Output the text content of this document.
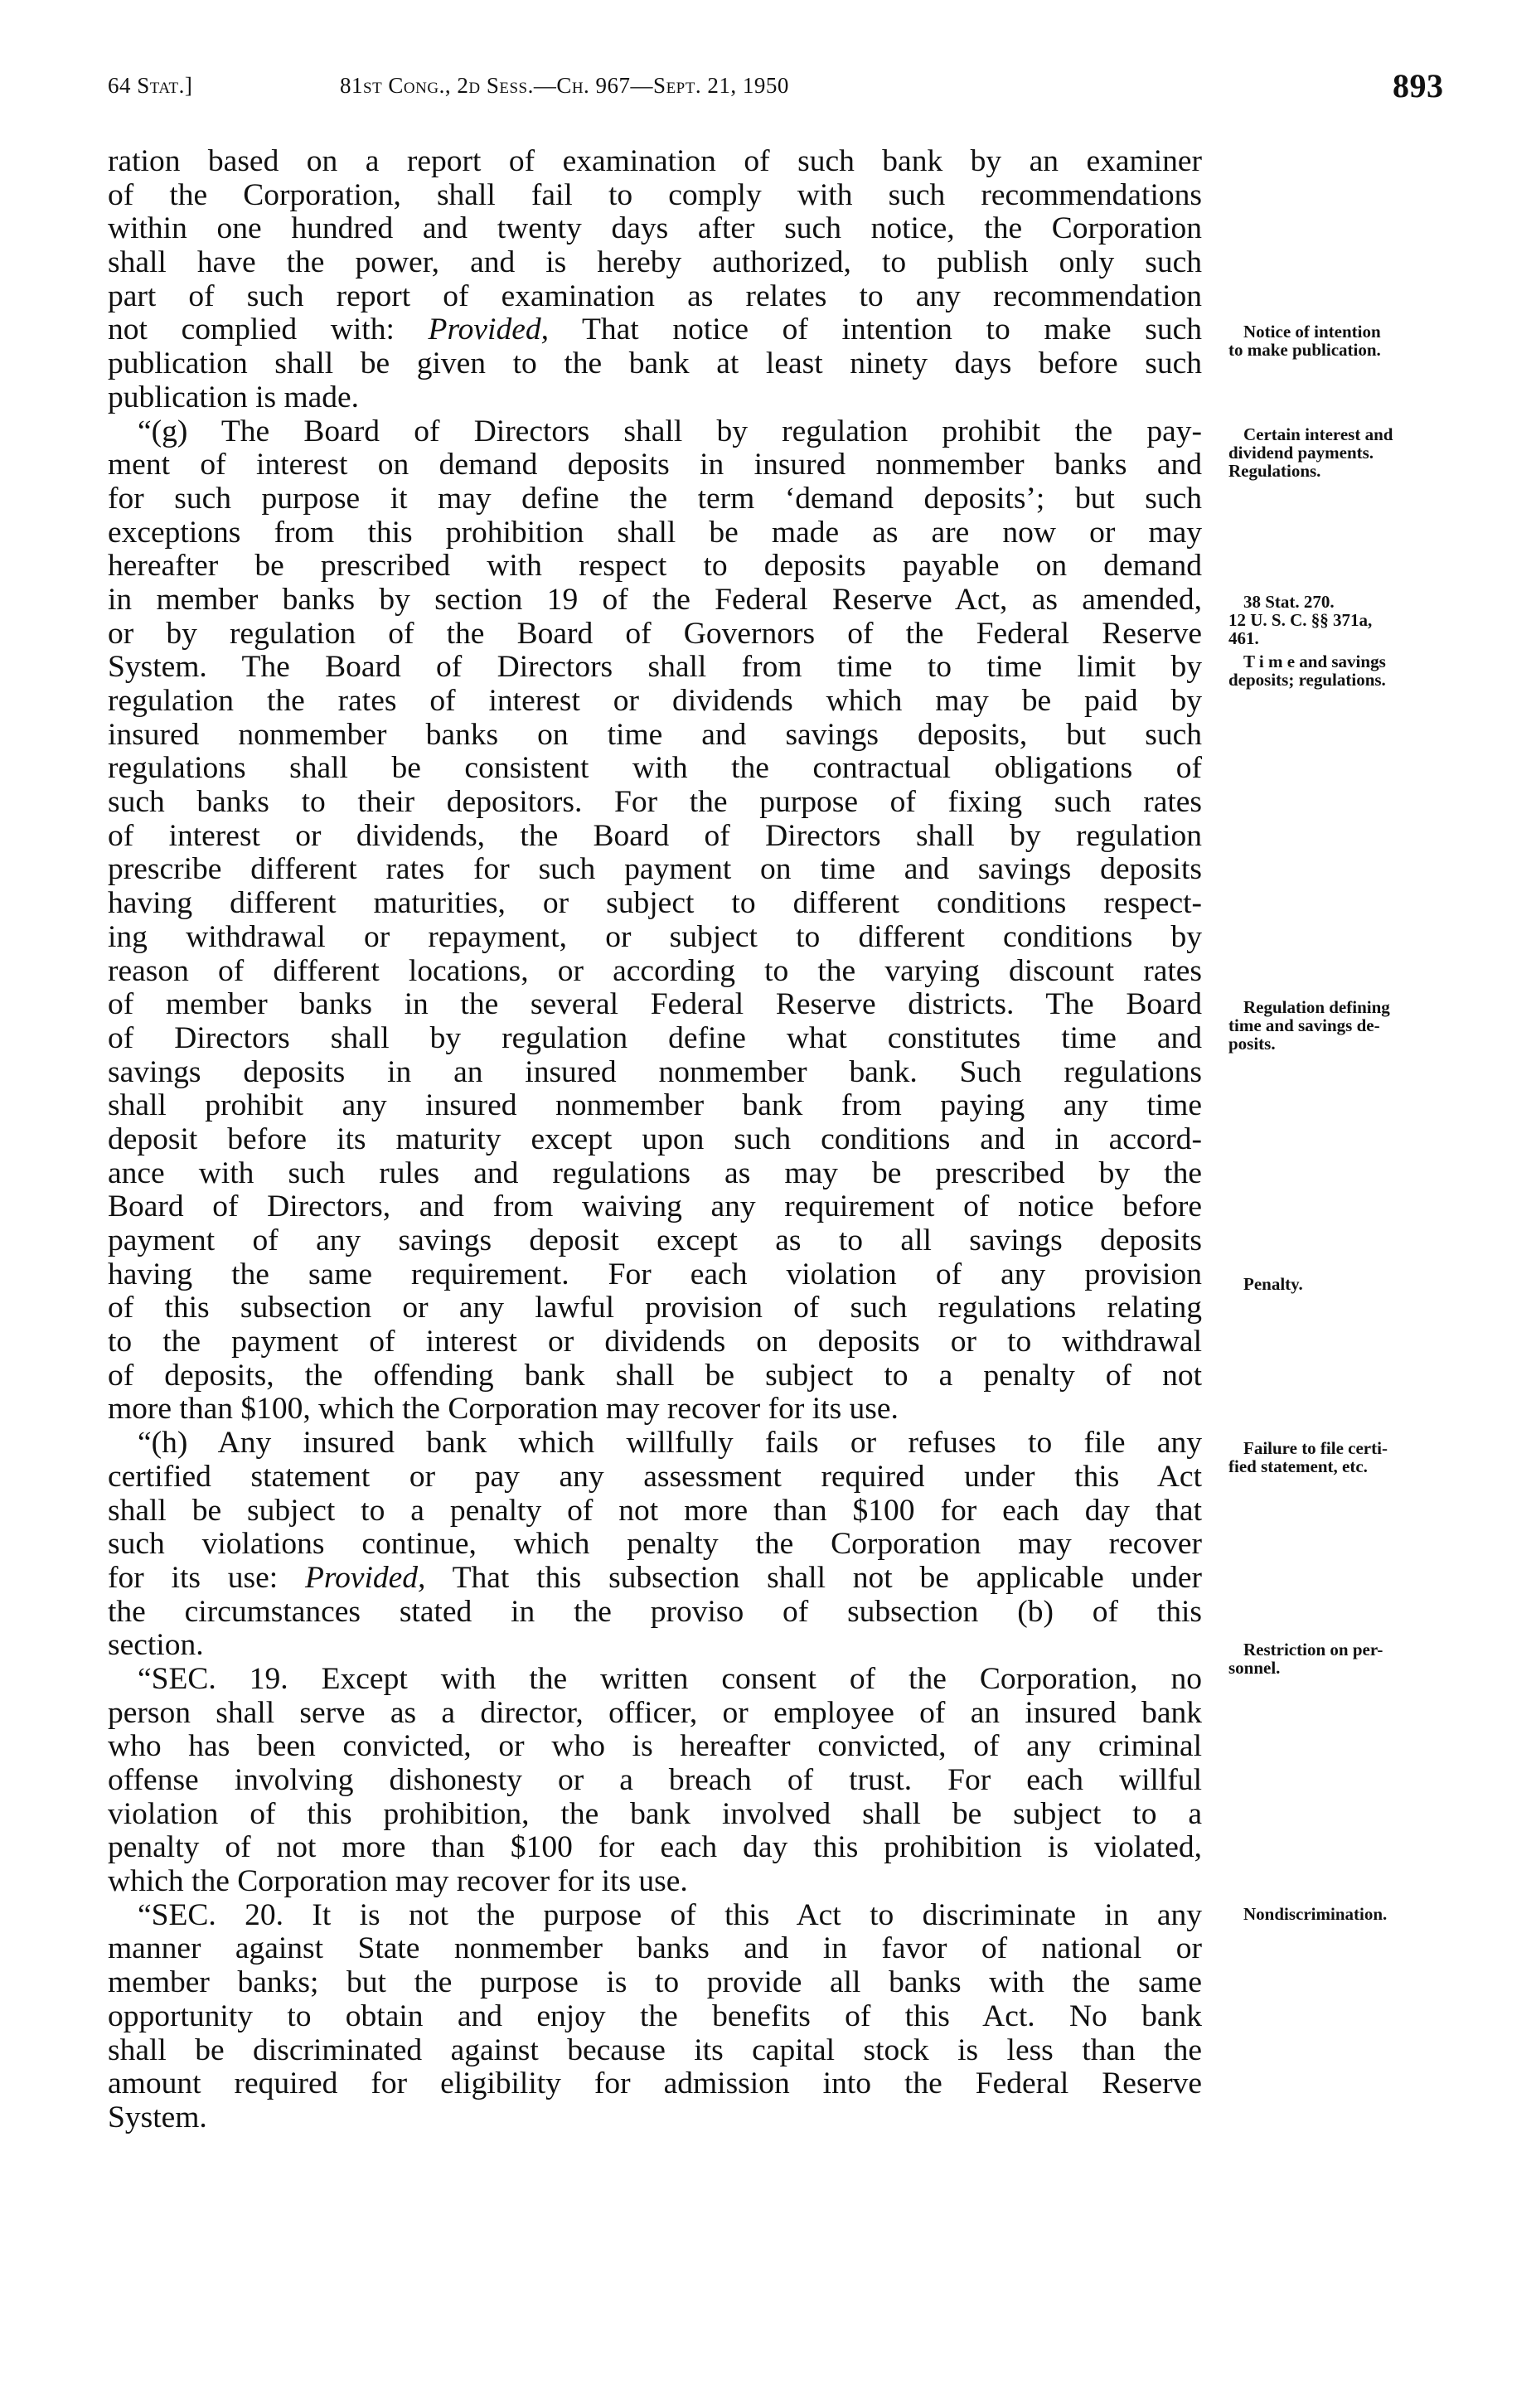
64 Stat.]	81st Cong., 2d Sess.—Ch. 967—Sept. 21, 1950	893
ration based on a report of examination of such bank by an examiner
of the Corporation, shall fail to comply with such recommendations
within one hundred and twenty days after such notice, the Corporation
shall have the power, and is hereby authorized, to publish only such
part of such report of examination as relates to any recommendation
not complied with: Provided, That notice of intention to make such
publication shall be given to the bank at least ninety days before such
publication is made.
“(g) The Board of Directors shall by regulation prohibit the pay-
ment of interest on demand deposits in insured nonmember banks and
for such purpose it may define the term ‘demand deposits’; but such
exceptions from this prohibition shall be made as are now or may
hereafter be prescribed with respect to deposits payable on demand
in member banks by section 19 of the Federal Reserve Act, as amended,
or by regulation of the Board of Governors of the Federal Reserve
System. The Board of Directors shall from time to time limit by
regulation the rates of interest or dividends which may be paid by
insured nonmember banks on time and savings deposits, but such
regulations shall be consistent with the contractual obligations of
such banks to their depositors. For the purpose of fixing such rates
of interest or dividends, the Board of Directors shall by regulation
prescribe different rates for such payment on time and savings deposits
having different maturities, or subject to different conditions respect-
ing withdrawal or repayment, or subject to different conditions by
reason of different locations, or according to the varying discount rates
of member banks in the several Federal Reserve districts. The Board
of Directors shall by regulation define what constitutes time and
savings deposits in an insured nonmember bank. Such regulations
shall prohibit any insured nonmember bank from paying any time
deposit before its maturity except upon such conditions and in accord-
ance with such rules and regulations as may be prescribed by the
Board of Directors, and from waiving any requirement of notice before
payment of any savings deposit except as to all savings deposits
having the same requirement. For each violation of any provision
of this subsection or any lawful provision of such regulations relating
to the payment of interest or dividends on deposits or to withdrawal
of deposits, the offending bank shall be subject to a penalty of not
more than $100, which the Corporation may recover for its use.
“(h) Any insured bank which willfully fails or refuses to file any
certified statement or pay any assessment required under this Act
shall be subject to a penalty of not more than $100 for each day that
such violations continue, which penalty the Corporation may recover
for its use: Provided, That this subsection shall not be applicable under
the circumstances stated in the proviso of subsection (b) of this
section.
“SEC. 19. Except with the written consent of the Corporation, no
person shall serve as a director, officer, or employee of an insured bank
who has been convicted, or who is hereafter convicted, of any criminal
offense involving dishonesty or a breach of trust. For each willful
violation of this prohibition, the bank involved shall be subject to a
penalty of not more than $100 for each day this prohibition is violated,
which the Corporation may recover for its use.
“SEC. 20. It is not the purpose of this Act to discriminate in any
manner against State nonmember banks and in favor of national or
member banks; but the purpose is to provide all banks with the same
opportunity to obtain and enjoy the benefits of this Act. No bank
shall be discriminated against because its capital stock is less than the
amount required for eligibility for admission into the Federal Reserve
System.
Notice of intention
to make publication.
Certain interest and
dividend payments.
Regulations.
38 Stat. 270.
12 U. S. C. §§ 371a,
461.
T i m e and savings
deposits; regulations.
Regulation defining
time and savings de-
posits.
Penalty.
Failure to file certi-
fied statement, etc.
Restriction on per-
sonnel.
Nondiscrimination.
